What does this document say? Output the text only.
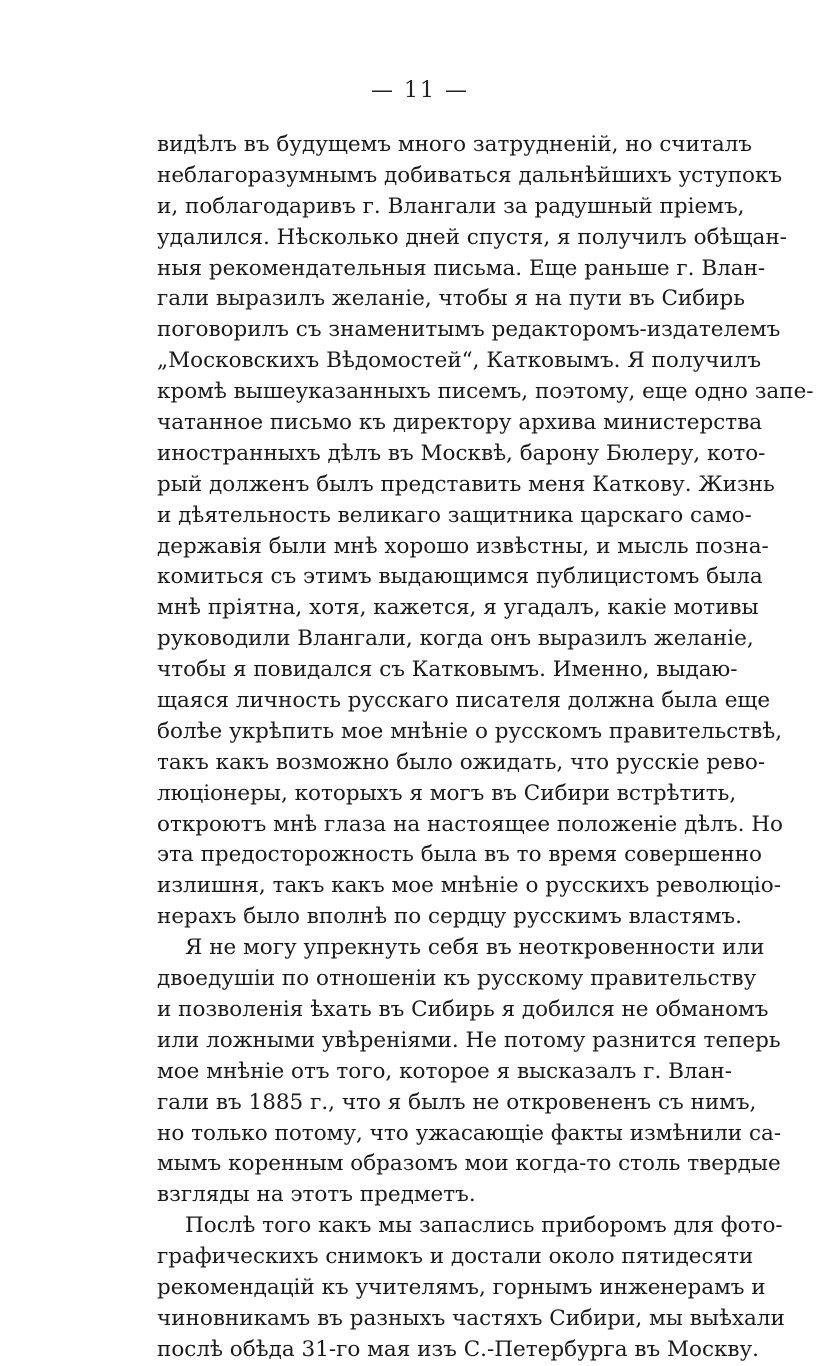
— 11 —
видѣлъ въ будущемъ много затрудненій, но считалъ
неблагоразумнымъ добиваться дальнѣйшихъ уступокъ
и, поблагодаривъ г. Влангали за радушный пріемъ,
удалился. Нѣсколько дней спустя, я получилъ обѣщан-
ныя рекомендательныя письма. Еще раньше г. Влан-
гали выразилъ желаніе, чтобы я на пути въ Сибирь
поговорилъ съ знаменитымъ редакторомъ-издателемъ
„Московскихъ Вѣдомостей“, Катковымъ. Я получилъ
кромѣ вышеуказанныхъ писемъ, поэтому, еще одно запе-
чатанное письмо къ директору архива министерства
иностранныхъ дѣлъ въ Москвѣ, барону Бюлеру, кото-
рый долженъ былъ представить меня Каткову. Жизнь
и дѣятельность великаго защитника царскаго само-
державія были мнѣ хорошо извѣстны, и мысль позна-
комиться съ этимъ выдающимся публицистомъ была
мнѣ пріятна, хотя, кажется, я угадалъ, какіе мотивы
руководили Влангали, когда онъ выразилъ желаніе,
чтобы я повидался съ Катковымъ. Именно, выдаю-
щаяся личность русскаго писателя должна была еще
болѣе укрѣпить мое мнѣніе о русскомъ правительствѣ,
такъ какъ возможно было ожидать, что русскіе рево-
люціонеры, которыхъ я могъ въ Сибири встрѣтить,
откроютъ мнѣ глаза на настоящее положеніе дѣлъ. Но
эта предосторожность была въ то время совершенно
излишня, такъ какъ мое мнѣніе о русскихъ революціо-
нерахъ было вполнѣ по сердцу русскимъ властямъ.
Я не могу упрекнуть себя въ неоткровенности или
двоедушіи по отношеніи къ русскому правительству
и позволенія ѣхать въ Сибирь я добился не обманомъ
или ложными увѣреніями. Не потому разнится теперь
мое мнѣніе отъ того, которое я высказалъ г. Влан-
гали въ 1885 г., что я былъ не откровененъ съ нимъ,
но только потому, что ужасающіе факты измѣнили са-
мымъ коренным образомъ мои когда-то столь твердые
взгляды на этотъ предметъ.
Послѣ того какъ мы запаслись приборомъ для фото-
графическихъ снимокъ и достали около пятидесяти
рекомендацій къ учителямъ, горнымъ инженерамъ и
чиновникамъ въ разныхъ частяхъ Сибири, мы выѣхали
послѣ обѣда 31-го мая изъ С.-Петербурга въ Москву.
